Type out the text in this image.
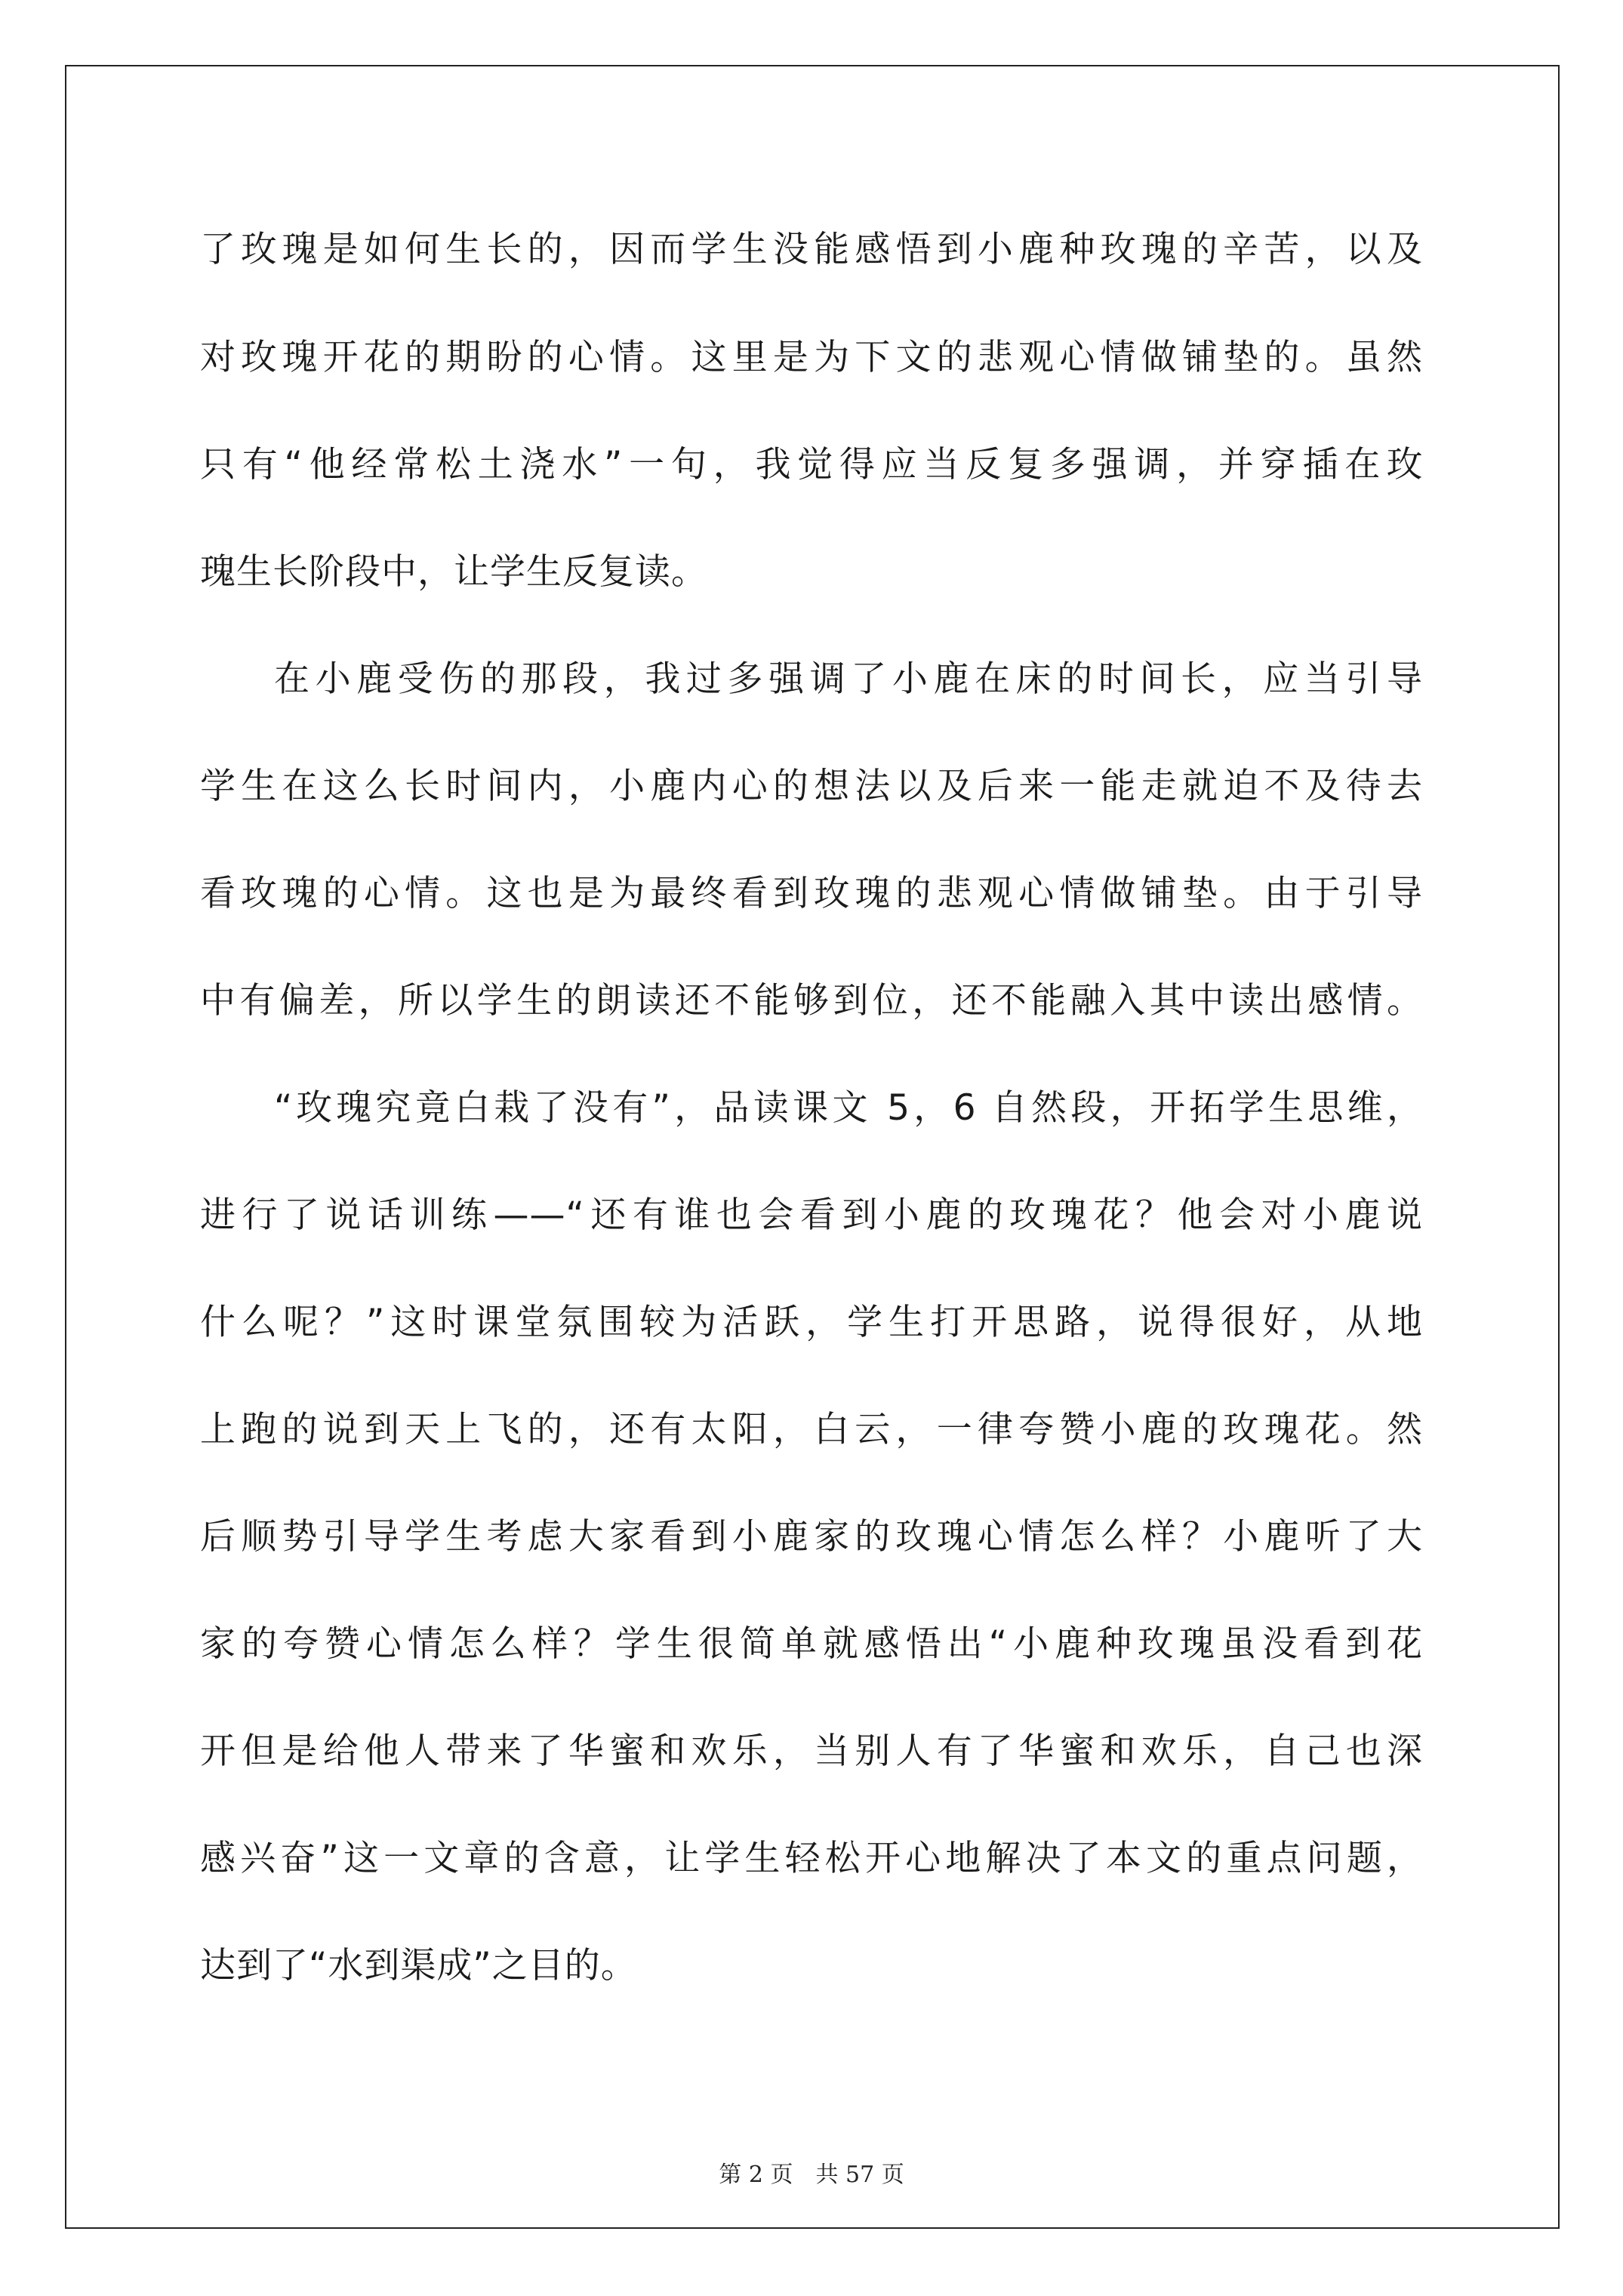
了玫瑰是如何生长的，因而学生没能感悟到小鹿种玫瑰的辛苦，以及
对玫瑰开花的期盼的心情。这里是为下文的悲观心情做铺垫的。虽然
只有“他经常松土浇水”一句，我觉得应当反复多强调，并穿插在玫
瑰生长阶段中，让学生反复读。
在小鹿受伤的那段，我过多强调了小鹿在床的时间长，应当引导
学生在这么长时间内，小鹿内心的想法以及后来一能走就迫不及待去
看玫瑰的心情。这也是为最终看到玫瑰的悲观心情做铺垫。由于引导
中有偏差，所以学生的朗读还不能够到位，还不能融入其中读出感情。
“玫瑰究竟白栽了没有”，品读课文 5，6 自然段，开拓学生思维，
进行了说话训练——“还有谁也会看到小鹿的玫瑰花？他会对小鹿说
什么呢？”这时课堂氛围较为活跃，学生打开思路，说得很好，从地
上跑的说到天上飞的，还有太阳，白云，一律夸赞小鹿的玫瑰花。然
后顺势引导学生考虑大家看到小鹿家的玫瑰心情怎么样？小鹿听了大
家的夸赞心情怎么样？学生很简单就感悟出“小鹿种玫瑰虽没看到花
开但是给他人带来了华蜜和欢乐，当别人有了华蜜和欢乐，自己也深
感兴奋”这一文章的含意，让学生轻松开心地解决了本文的重点问题，
达到了“水到渠成”之目的。
第 2 页　共 57 页
